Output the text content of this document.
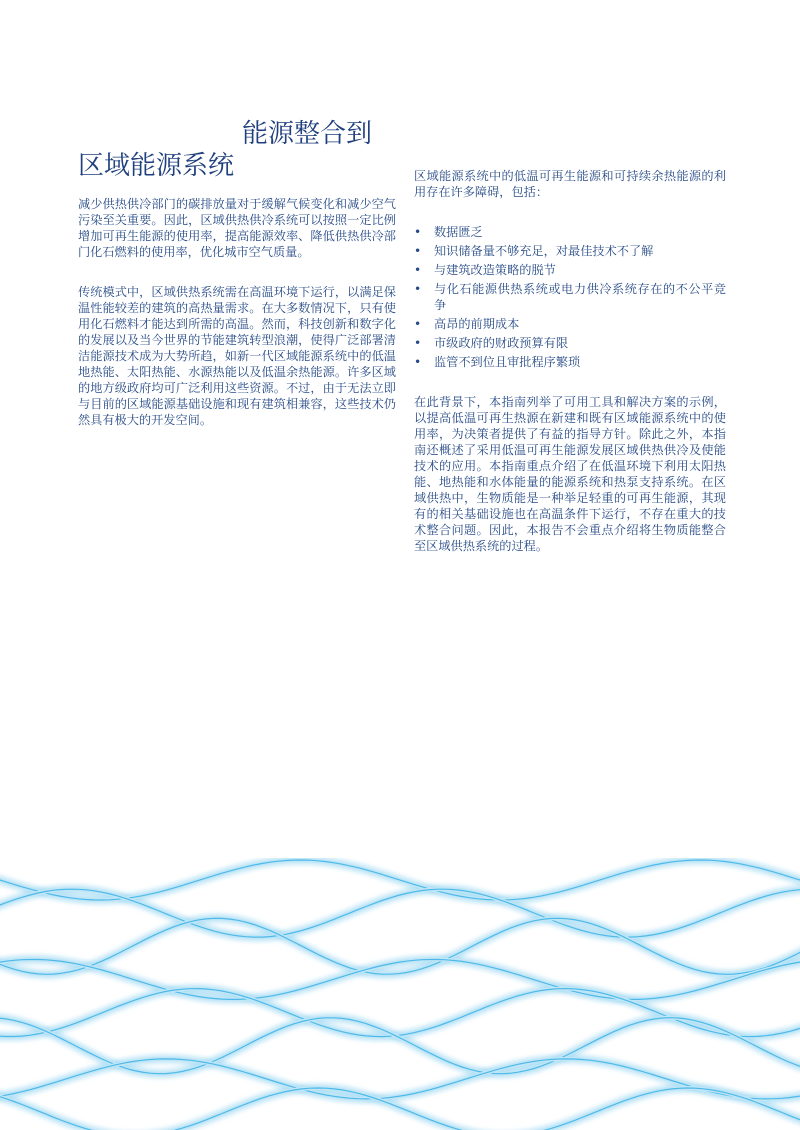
能源整合到
区域能源系统

减少供热供冷部门的碳排放量对于缓解气候变化和减少空气污染至关重要。因此，区域供热供冷系统可以按照一定比例增加可再生能源的使用率，提高能源效率、降低供热供冷部门化石燃料的使用率，优化城市空气质量。

传统模式中，区域供热系统需在高温环境下运行，以满足保温性能较差的建筑的高热量需求。在大多数情况下，只有使用化石燃料才能达到所需的高温。然而，科技创新和数字化的发展以及当今世界的节能建筑转型浪潮，使得广泛部署清洁能源技术成为大势所趋，如新一代区域能源系统中的低温地热能、太阳热能、水源热能以及低温余热能源。许多区域的地方级政府均可广泛利用这些资源。不过，由于无法立即与目前的区域能源基础设施和现有建筑相兼容，这些技术仍然具有极大的开发空间。

区域能源系统中的低温可再生能源和可持续余热能源的利用存在许多障碍，包括：

• 数据匮乏
• 知识储备量不够充足，对最佳技术不了解
• 与建筑改造策略的脱节
• 与化石能源供热系统或电力供冷系统存在的不公平竞争
• 高昂的前期成本
• 市级政府的财政预算有限
• 监管不到位且审批程序繁琐

在此背景下，本指南列举了可用工具和解决方案的示例，以提高低温可再生热源在新建和既有区域能源系统中的使用率，为决策者提供了有益的指导方针。除此之外，本指南还概述了采用低温可再生能源发展区域供热供冷及使能技术的应用。本指南重点介绍了在低温环境下利用太阳热能、地热能和水体能量的能源系统和热泵支持系统。在区域供热中，生物质能是一种举足轻重的可再生能源，其现有的相关基础设施也在高温条件下运行，不存在重大的技术整合问题。因此，本报告不会重点介绍将生物质能整合至区域供热系统的过程。
